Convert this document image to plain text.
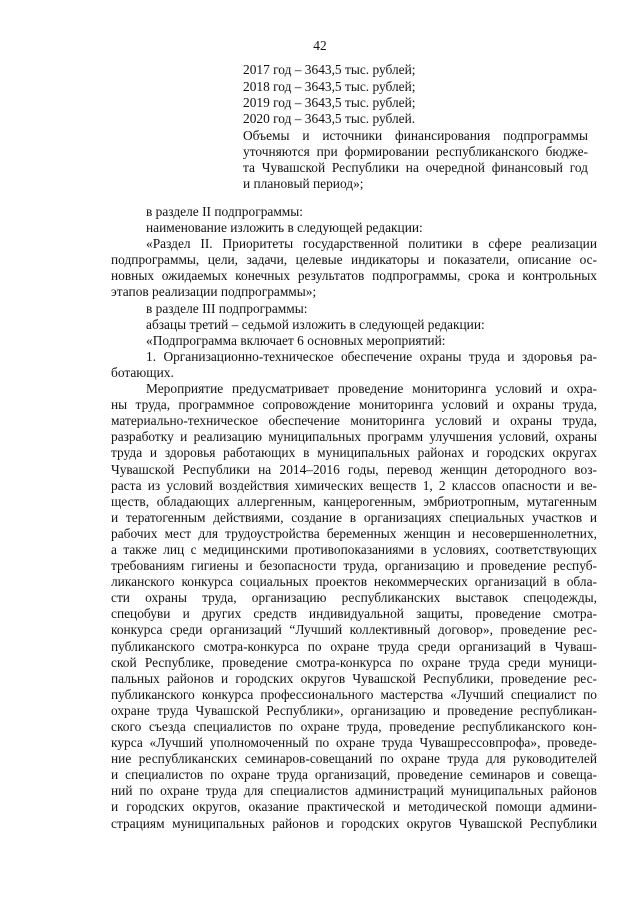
42
2017 год – 3643,5 тыс. рублей;
2018 год – 3643,5 тыс. рублей;
2019 год – 3643,5 тыс. рублей;
2020 год – 3643,5 тыс. рублей.
Объемы и источники финансирования подпрограммы
уточняются при формировании республиканского бюдже-
та Чувашской Республики на очередной финансовый год
и плановый период»;
в разделе II подпрограммы:
наименование изложить в следующей редакции:
«Раздел II. Приоритеты государственной политики в сфере реализации
подпрограммы, цели, задачи, целевые индикаторы и показатели, описание ос-
новных ожидаемых конечных результатов подпрограммы, срока и контрольных
этапов реализации подпрограммы»;
в разделе III подпрограммы:
абзацы третий – седьмой изложить в следующей редакции:
«Подпрограмма включает 6 основных мероприятий:
1. Организационно-техническое обеспечение охраны труда и здоровья ра-
ботающих.
Мероприятие предусматривает проведение мониторинга условий и охра-
ны труда, программное сопровождение мониторинга условий и охраны труда,
материально-техническое обеспечение мониторинга условий и охраны труда,
разработку и реализацию муниципальных программ улучшения условий, охраны
труда и здоровья работающих в муниципальных районах и городских округах
Чувашской Республики на 2014–2016 годы, перевод женщин детородного воз-
раста из условий воздействия химических веществ 1, 2 классов опасности и ве-
ществ, обладающих аллергенным, канцерогенным, эмбриотропным, мутагенным
и тератогенным действиями, создание в организациях специальных участков и
рабочих мест для трудоустройства беременных женщин и несовершеннолетних,
а также лиц с медицинскими противопоказаниями в условиях, соответствующих
требованиям гигиены и безопасности труда, организацию и проведение респуб-
ликанского конкурса социальных проектов некоммерческих организаций в обла-
сти охраны труда, организацию республиканских выставок спецодежды,
спецобуви и других средств индивидуальной защиты, проведение смотра-
конкурса среди организаций “Лучший коллективный договор», проведение рес-
публиканского смотра-конкурса по охране труда среди организаций в Чуваш-
ской Республике, проведение смотра-конкурса по охране труда среди муници-
пальных районов и городских округов Чувашской Республики, проведение рес-
публиканского конкурса профессионального мастерства «Лучший специалист по
охране труда Чувашской Республики», организацию и проведение республикан-
ского съезда специалистов по охране труда, проведение республиканского кон-
курса «Лучший уполномоченный по охране труда Чувашрессовпрофа», проведе-
ние республиканских семинаров-совещаний по охране труда для руководителей
и специалистов по охране труда организаций, проведение семинаров и совеща-
ний по охране труда для специалистов администраций муниципальных районов
и городских округов, оказание практической и методической помощи админи-
страциям муниципальных районов и городских округов Чувашской Республики
